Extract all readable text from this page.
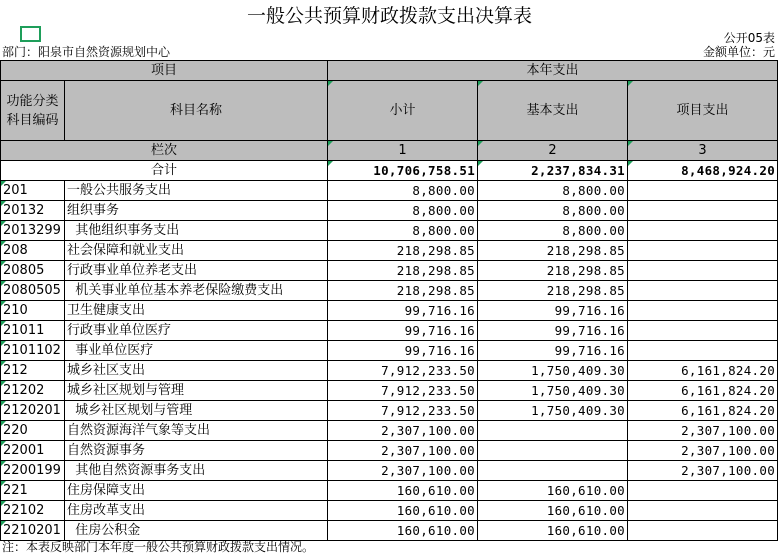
一般公共预算财政拨款支出决算表
公开05表
部门：阳泉市自然资源规划中心	金额单位：元
项目		本年支出		

功能分类
科目编码	科目名称	小计	基本支出	项目支出
栏次		1	2	3
合计		10,706,758.51	2,237,834.31	8,468,924.20
201	一般公共服务支出	8,800.00	8,800.00	
20132	组织事务	8,800.00	8,800.00	
2013299	其他组织事务支出	8,800.00	8,800.00	
208	社会保障和就业支出	218,298.85	218,298.85	
20805	行政事业单位养老支出	218,298.85	218,298.85	
2080505	机关事业单位基本养老保险缴费支出	218,298.85	218,298.85	
210	卫生健康支出	99,716.16	99,716.16	
21011	行政事业单位医疗	99,716.16	99,716.16	
2101102	事业单位医疗	99,716.16	99,716.16	
212	城乡社区支出	7,912,233.50	1,750,409.30	6,161,824.20
21202	城乡社区规划与管理	7,912,233.50	1,750,409.30	6,161,824.20
2120201	城乡社区规划与管理	7,912,233.50	1,750,409.30	6,161,824.20
220	自然资源海洋气象等支出	2,307,100.00		2,307,100.00
22001	自然资源事务	2,307,100.00		2,307,100.00
2200199	其他自然资源事务支出	2,307,100.00		2,307,100.00
221	住房保障支出	160,610.00	160,610.00	
22102	住房改革支出	160,610.00	160,610.00	
2210201	住房公积金	160,610.00	160,610.00	
注：本表反映部门本年度一般公共预算财政拨款支出情况。
